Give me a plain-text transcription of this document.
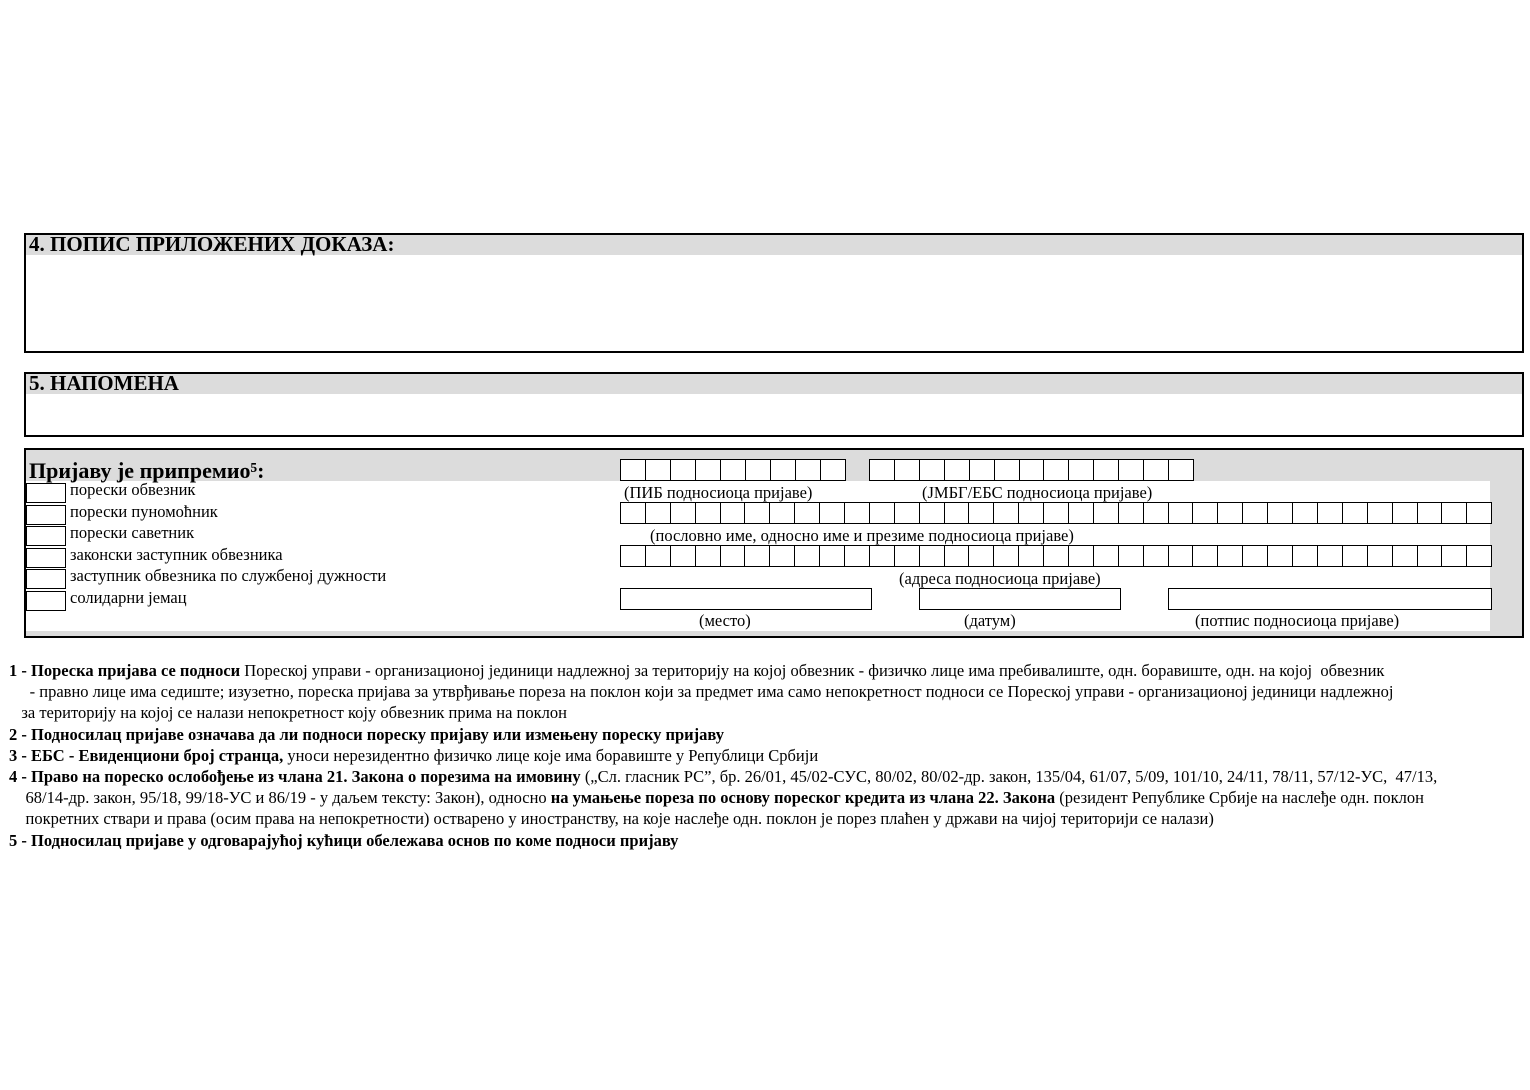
4. ПОПИС ПРИЛОЖЕНИХ ДОКАЗА:
5. НАПОМЕНА
Пријаву је припремио⁵:
порески обвезник
порески пуномоћник
порески саветник
законски заступник обвезника
заступник обвезника по службеној дужности
солидарни јемац
(ПИБ подносиоца пријаве)	(ЈМБГ/ЕБС подносиоца пријаве)
(пословно име, односно име и презиме подносиоца пријаве)
(адреса подносиоца пријаве)
(место)	(датум)	(потпис подносиоца пријаве)
1 - Пореска пријава се подноси Пореској управи - организационој јединици надлежној за територију на којој обвезник - физичко лице има пребивалиште, одн. боравиште, одн. на којој  обвезник
- правно лице има седиште; изузетно, пореска пријава за утврђивање пореза на поклон који за предмет има само непокретност подноси се Пореској управи - организационој јединици надлежној
за територију на којој се налази непокретност коју обвезник прима на поклон
2 - Подносилац пријаве означава да ли подноси пореску пријаву или измењену пореску пријаву
3 - ЕБС - Евиденциони број странца, уноси нерезидентно физичко лице које има боравиште у Републици Србији
4 - Право на пореско ослобођење из члана 21. Закона о порезима на имовину („Сл. гласник РС”, бр. 26/01, 45/02-СУС, 80/02, 80/02-др. закон, 135/04, 61/07, 5/09, 101/10, 24/11, 78/11, 57/12-УС,  47/13,
68/14-др. закон, 95/18, 99/18-УС и 86/19 - у даљем тексту: Закон), односно на умањење пореза по основу пореског кредита из члана 22. Закона (резидент Републике Србије на наслеђе одн. поклон
покретних ствари и права (осим права на непокретности) остварено у иностранству, на које наслеђе одн. поклон је порез плаћен у држави на чијој територији се налази)
5 - Подносилац пријаве у одговарајућој кућици обележава основ по коме подноси пријаву
